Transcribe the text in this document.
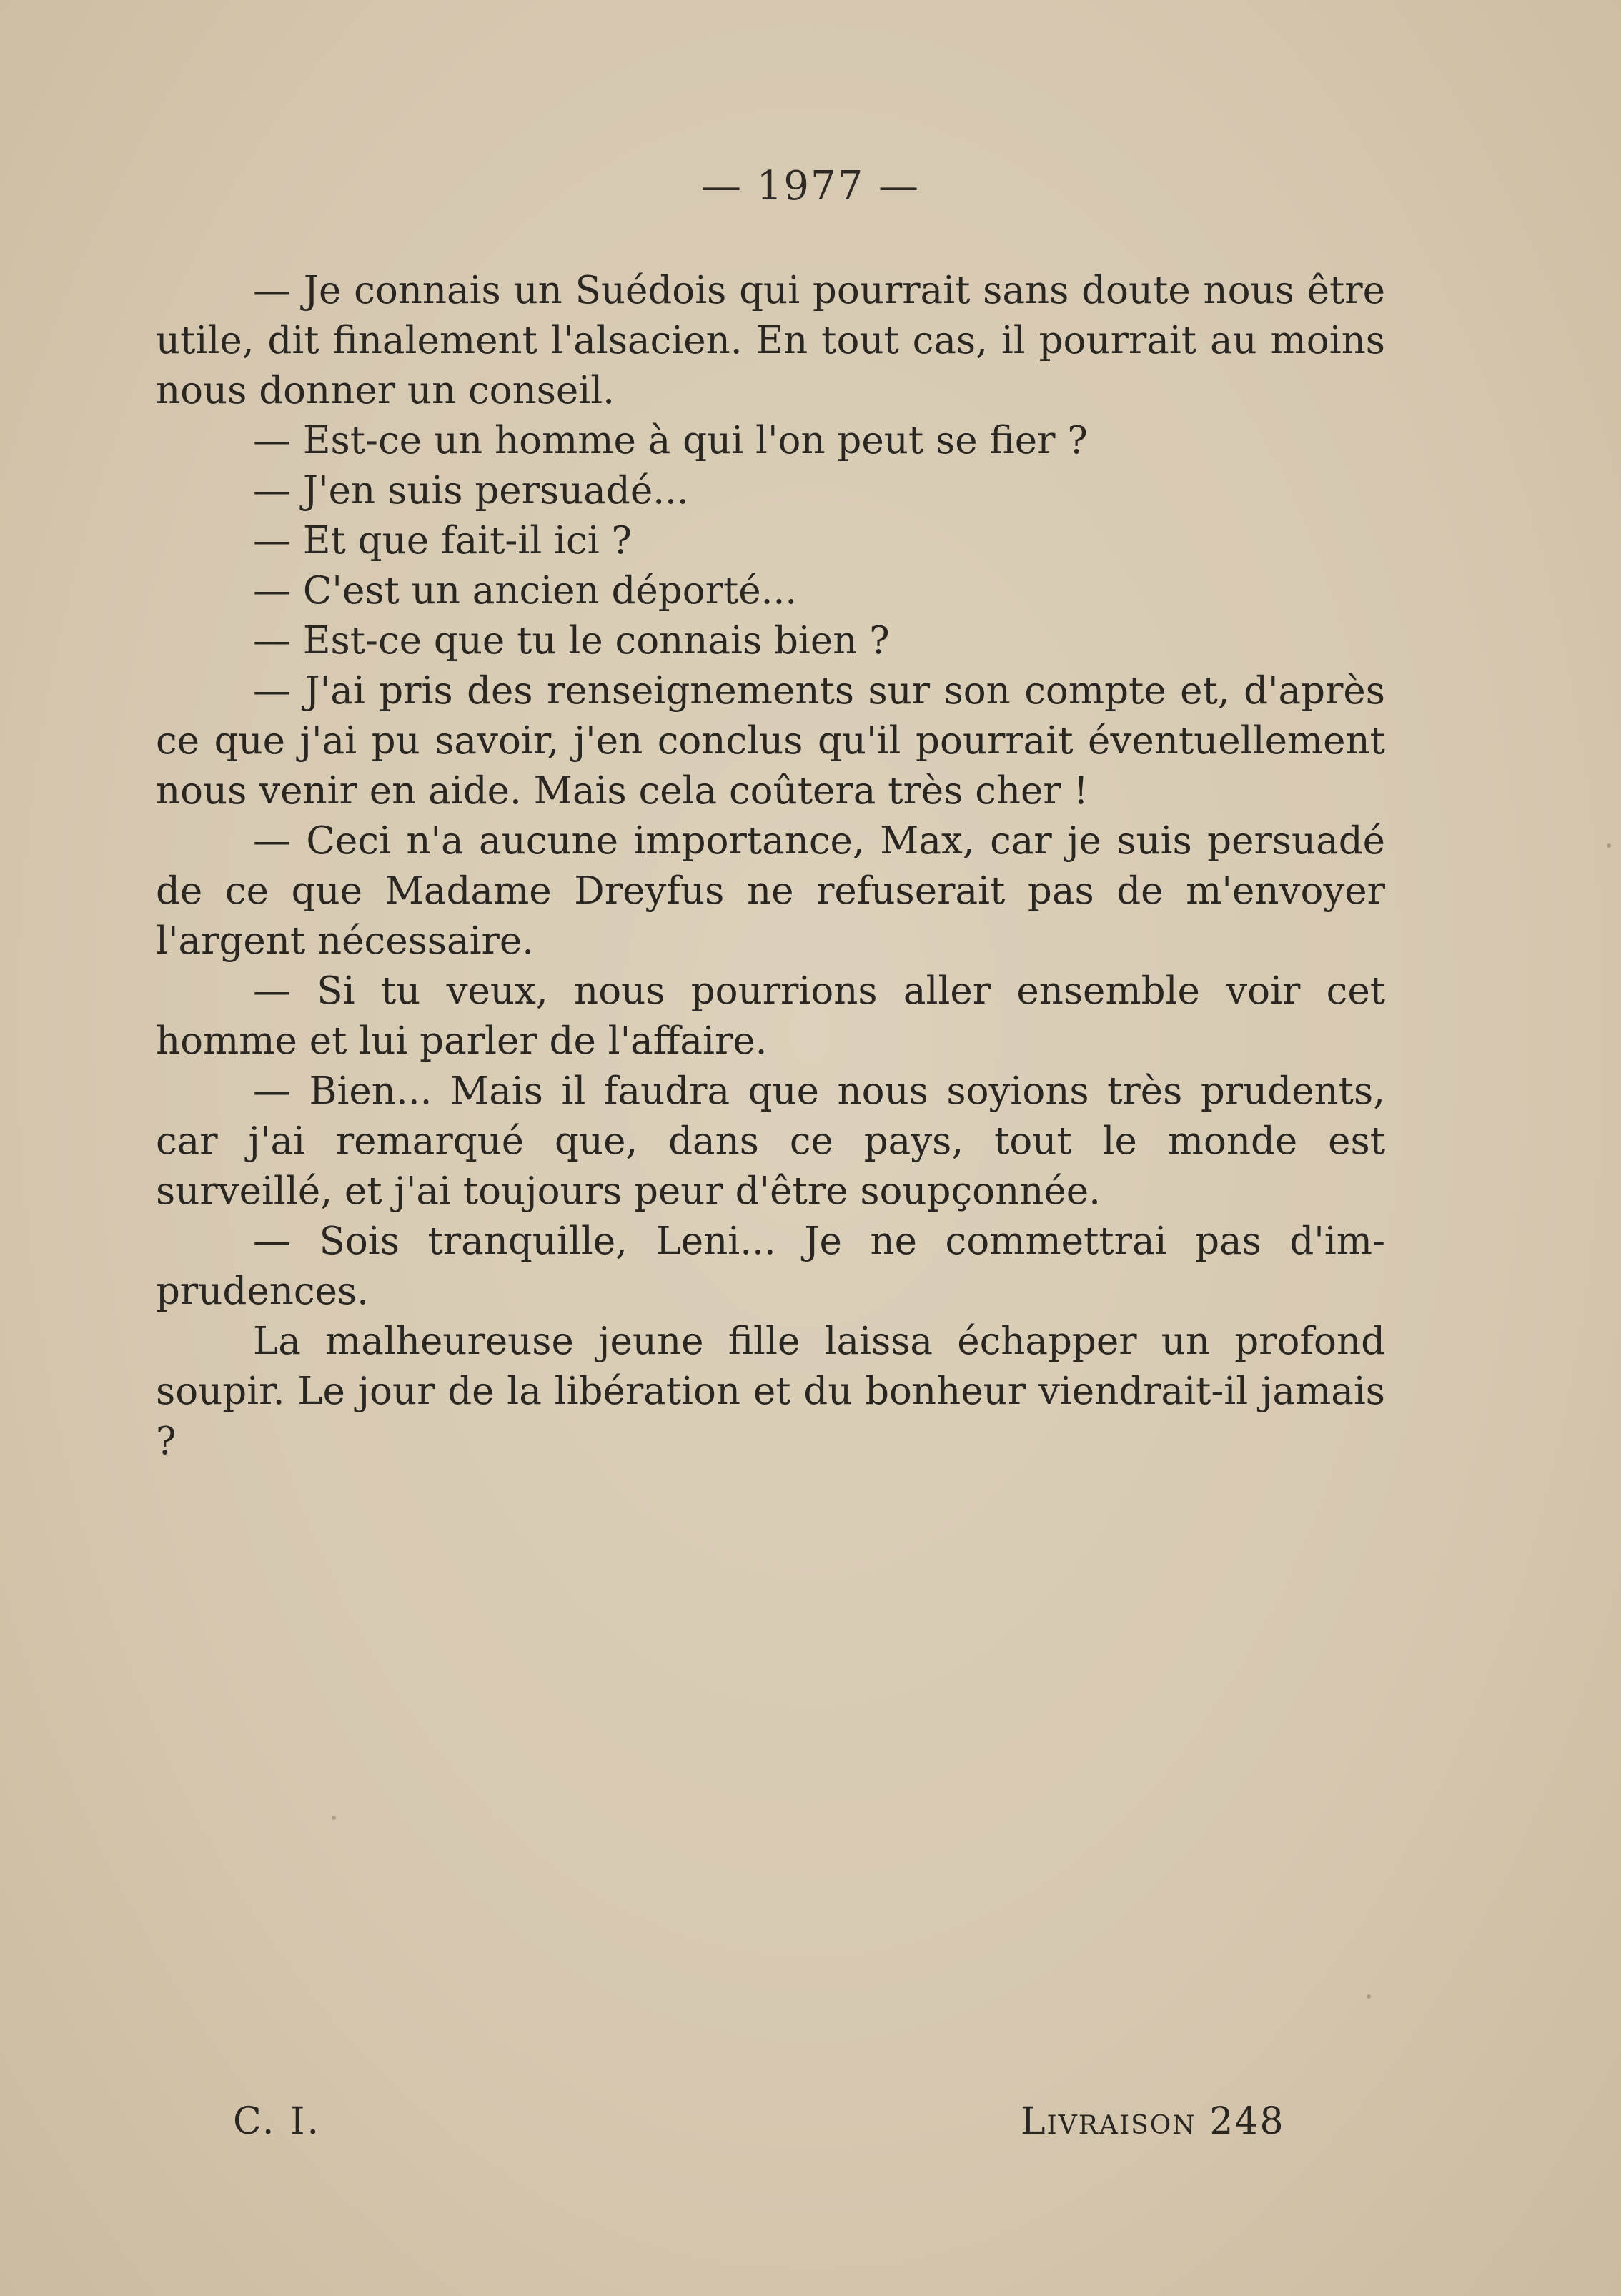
— 1977 —

— Je connais un Suédois qui pourrait sans doute nous être utile, dit finalement l'alsacien. En tout cas, il pourrait au moins nous donner un conseil.

— Est-ce un homme à qui l'on peut se fier ?

— J'en suis persuadé...

— Et que fait-il ici ?

— C'est un ancien déporté...

— Est-ce que tu le connais bien ?

— J'ai pris des renseignements sur son compte et, d'après ce que j'ai pu savoir, j'en conclus qu'il pourrait éventuellement nous venir en aide. Mais cela coûtera très cher !

— Ceci n'a aucune importance, Max, car je suis persuadé de ce que Madame Dreyfus ne refuserait pas de m'envoyer l'argent nécessaire.

— Si tu veux, nous pourrions aller ensemble voir cet homme et lui parler de l'affaire.

— Bien... Mais il faudra que nous soyions très prudents, car j'ai remarqué que, dans ce pays, tout le monde est surveillé, et j'ai toujours peur d'être soupçonnée.

— Sois tranquille, Leni... Je ne commettrai pas d'imprudences.

La malheureuse jeune fille laissa échapper un profond soupir. Le jour de la libération et du bonheur viendrait-il jamais ?

C. I.	Livraison 248
